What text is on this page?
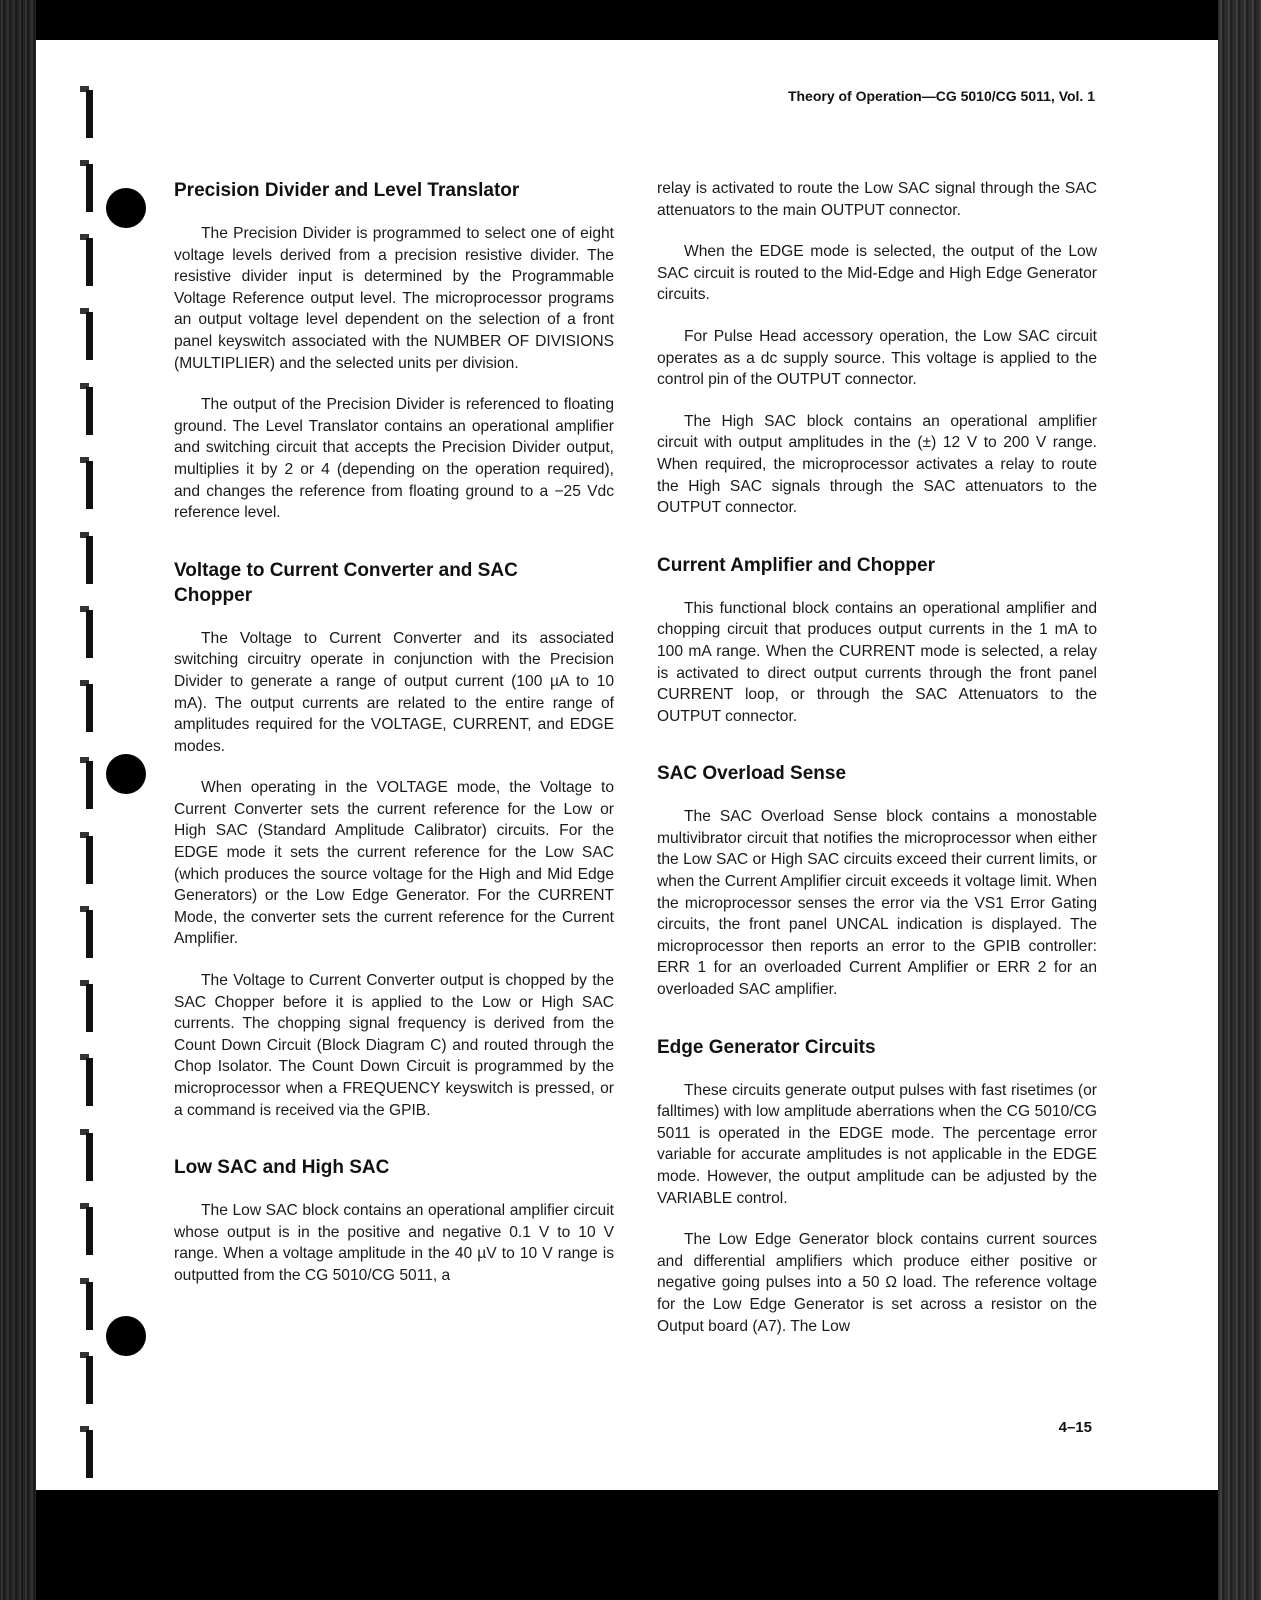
Theory of Operation—CG 5010/CG 5011, Vol. 1
Precision Divider and Level Translator

The Precision Divider is programmed to select one of eight voltage levels derived from a precision resistive divider. The resistive divider input is determined by the Programmable Voltage Reference output level. The microprocessor programs an output voltage level dependent on the selection of a front panel keyswitch associated with the NUMBER OF DIVISIONS (MULTIPLIER) and the selected units per division.

The output of the Precision Divider is referenced to floating ground. The Level Translator contains an operational amplifier and switching circuit that accepts the Precision Divider output, multiplies it by 2 or 4 (depending on the operation required), and changes the reference from floating ground to a −25 Vdc reference level.

Voltage to Current Converter and SAC Chopper

The Voltage to Current Converter and its associated switching circuitry operate in conjunction with the Precision Divider to generate a range of output current (100 µA to 10 mA). The output currents are related to the entire range of amplitudes required for the VOLTAGE, CURRENT, and EDGE modes.

When operating in the VOLTAGE mode, the Voltage to Current Converter sets the current reference for the Low or High SAC (Standard Amplitude Calibrator) circuits. For the EDGE mode it sets the current reference for the Low SAC (which produces the source voltage for the High and Mid Edge Generators) or the Low Edge Generator. For the CURRENT Mode, the converter sets the current reference for the Current Amplifier.

The Voltage to Current Converter output is chopped by the SAC Chopper before it is applied to the Low or High SAC currents. The chopping signal frequency is derived from the Count Down Circuit (Block Diagram C) and routed through the Chop Isolator. The Count Down Circuit is programmed by the microprocessor when a FREQUENCY keyswitch is pressed, or a command is received via the GPIB.

Low SAC and High SAC

The Low SAC block contains an operational amplifier circuit whose output is in the positive and negative 0.1 V to 10 V range. When a voltage amplitude in the 40 µV to 10 V range is outputted from the CG 5010/CG 5011, a

relay is activated to route the Low SAC signal through the SAC attenuators to the main OUTPUT connector.

When the EDGE mode is selected, the output of the Low SAC circuit is routed to the Mid-Edge and High Edge Generator circuits.

For Pulse Head accessory operation, the Low SAC circuit operates as a dc supply source. This voltage is applied to the control pin of the OUTPUT connector.

The High SAC block contains an operational amplifier circuit with output amplitudes in the (±) 12 V to 200 V range. When required, the microprocessor activates a relay to route the High SAC signals through the SAC attenuators to the OUTPUT connector.

Current Amplifier and Chopper

This functional block contains an operational amplifier and chopping circuit that produces output currents in the 1 mA to 100 mA range. When the CURRENT mode is selected, a relay is activated to direct output currents through the front panel CURRENT loop, or through the SAC Attenuators to the OUTPUT connector.

SAC Overload Sense

The SAC Overload Sense block contains a monostable multivibrator circuit that notifies the microprocessor when either the Low SAC or High SAC circuits exceed their current limits, or when the Current Amplifier circuit exceeds it voltage limit. When the microprocessor senses the error via the VS1 Error Gating circuits, the front panel UNCAL indication is displayed. The microprocessor then reports an error to the GPIB controller: ERR 1 for an overloaded Current Amplifier or ERR 2 for an overloaded SAC amplifier.

Edge Generator Circuits

These circuits generate output pulses with fast risetimes (or falltimes) with low amplitude aberrations when the CG 5010/CG 5011 is operated in the EDGE mode. The percentage error variable for accurate amplitudes is not applicable in the EDGE mode. However, the output amplitude can be adjusted by the VARIABLE control.

The Low Edge Generator block contains current sources and differential amplifiers which produce either positive or negative going pulses into a 50 Ω load. The reference voltage for the Low Edge Generator is set across a resistor on the Output board (A7). The Low

4–15
